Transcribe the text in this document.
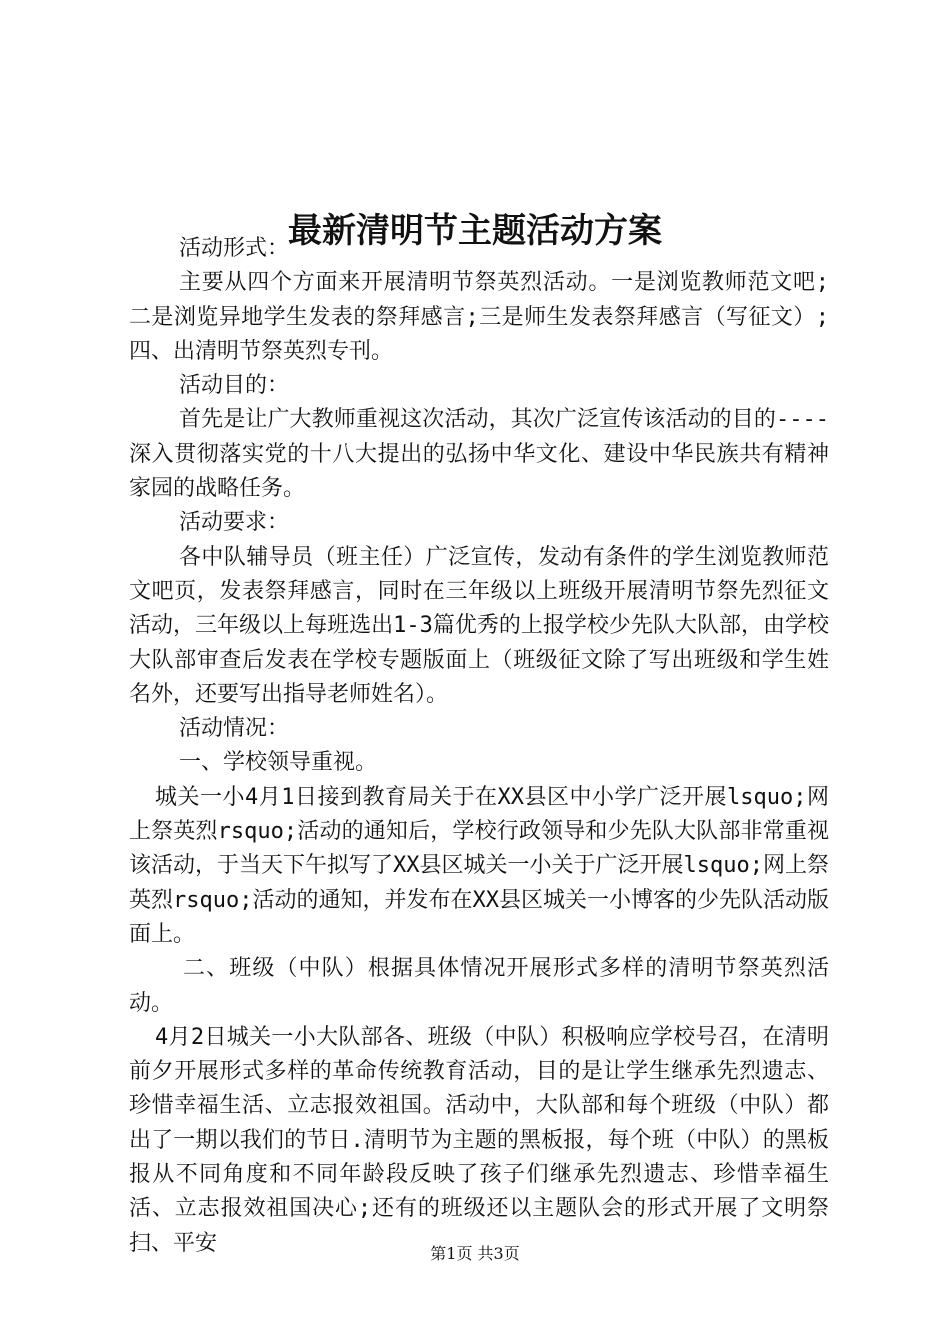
最新清明节主题活动方案

活动形式：

主要从四个方面来开展清明节祭英烈活动。一是浏览教师范文吧;二是浏览异地学生发表的祭拜感言;三是师生发表祭拜感言（写征文）;四、出清明节祭英烈专刊。

活动目的：

首先是让广大教师重视这次活动，其次广泛宣传该活动的目的----深入贯彻落实党的十八大提出的弘扬中华文化、建设中华民族共有精神家园的战略任务。

活动要求：

各中队辅导员（班主任）广泛宣传，发动有条件的学生浏览教师范文吧页，发表祭拜感言，同时在三年级以上班级开展清明节祭先烈征文活动，三年级以上每班选出1-3篇优秀的上报学校少先队大队部，由学校大队部审查后发表在学校专题版面上（班级征文除了写出班级和学生姓名外，还要写出指导老师姓名）。

活动情况：

一、学校领导重视。

城关一小4月1日接到教育局关于在XX县区中小学广泛开展lsquo;网上祭英烈rsquo;活动的通知后，学校行政领导和少先队大队部非常重视该活动，于当天下午拟写了XX县区城关一小关于广泛开展lsquo;网上祭英烈rsquo;活动的通知，并发布在XX县区城关一小博客的少先队活动版面上。

二、班级（中队）根据具体情况开展形式多样的清明节祭英烈活动。

4月2日城关一小大队部各、班级（中队）积极响应学校号召，在清明前夕开展形式多样的革命传统教育活动，目的是让学生继承先烈遗志、珍惜幸福生活、立志报效祖国。活动中，大队部和每个班级（中队）都出了一期以我们的节日.清明节为主题的黑板报，每个班（中队）的黑板报从不同角度和不同年龄段反映了孩子们继承先烈遗志、珍惜幸福生活、立志报效祖国决心;还有的班级还以主题队会的形式开展了文明祭扫、平安	第1页 共3页
